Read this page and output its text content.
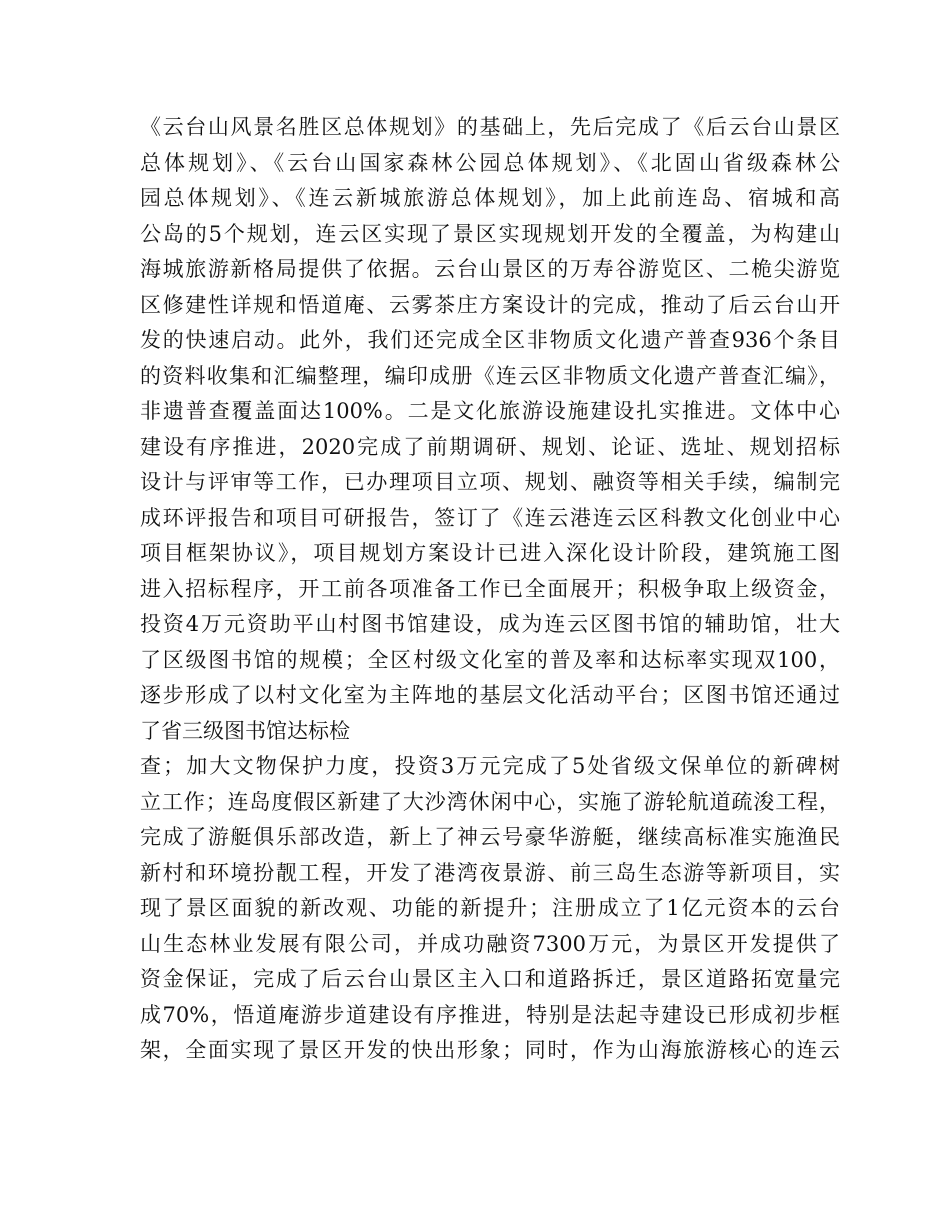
《云台山风景名胜区总体规划》的基础上，先后完成了《后云台山景区
总体规划》、《云台山国家森林公园总体规划》、《北固山省级森林公
园总体规划》、《连云新城旅游总体规划》，加上此前连岛、宿城和高
公岛的5个规划，连云区实现了景区实现规划开发的全覆盖，为构建山
海城旅游新格局提供了依据。云台山景区的万寿谷游览区、二桅尖游览
区修建性详规和悟道庵、云雾茶庄方案设计的完成，推动了后云台山开
发的快速启动。此外，我们还完成全区非物质文化遗产普查936个条目
的资料收集和汇编整理，编印成册《连云区非物质文化遗产普查汇编》，
非遗普查覆盖面达100%。二是文化旅游设施建设扎实推进。文体中心
建设有序推进，2020完成了前期调研、规划、论证、选址、规划招标
设计与评审等工作，已办理项目立项、规划、融资等相关手续，编制完
成环评报告和项目可研报告，签订了《连云港连云区科教文化创业中心
项目框架协议》，项目规划方案设计已进入深化设计阶段，建筑施工图
进入招标程序，开工前各项准备工作已全面展开；积极争取上级资金，
投资4万元资助平山村图书馆建设，成为连云区图书馆的辅助馆，壮大
了区级图书馆的规模；全区村级文化室的普及率和达标率实现双100，
逐步形成了以村文化室为主阵地的基层文化活动平台；区图书馆还通过
了省三级图书馆达标检
查；加大文物保护力度，投资3万元完成了5处省级文保单位的新碑树
立工作；连岛度假区新建了大沙湾休闲中心，实施了游轮航道疏浚工程，
完成了游艇俱乐部改造，新上了神云号豪华游艇，继续高标准实施渔民
新村和环境扮靓工程，开发了港湾夜景游、前三岛生态游等新项目，实
现了景区面貌的新改观、功能的新提升；注册成立了1亿元资本的云台
山生态林业发展有限公司，并成功融资7300万元，为景区开发提供了
资金保证，完成了后云台山景区主入口和道路拆迁，景区道路拓宽量完
成70%，悟道庵游步道建设有序推进，特别是法起寺建设已形成初步框
架，全面实现了景区开发的快出形象；同时，作为山海旅游核心的连云
